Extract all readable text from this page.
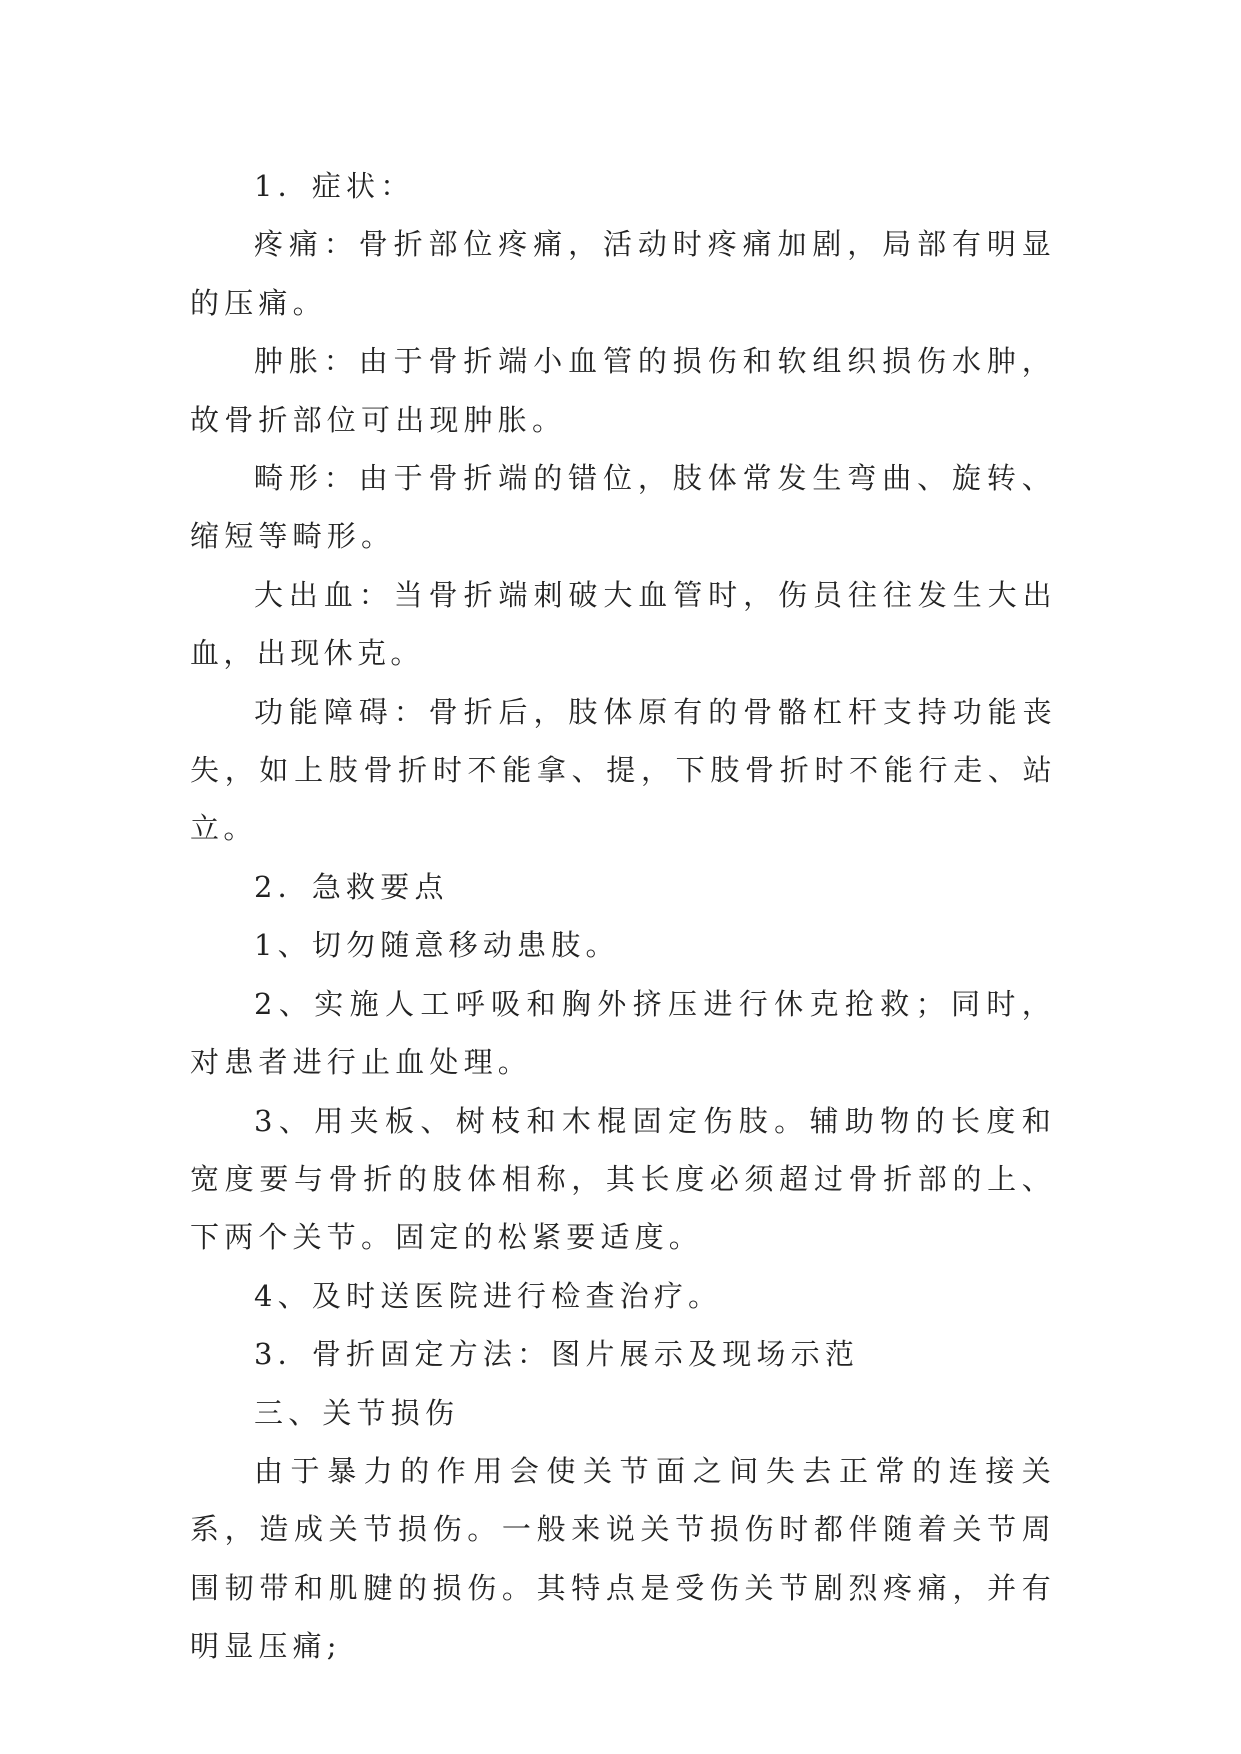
1．症状：

疼痛：骨折部位疼痛，活动时疼痛加剧，局部有明显的压痛。

肿胀：由于骨折端小血管的损伤和软组织损伤水肿，故骨折部位可出现肿胀。

畸形：由于骨折端的错位，肢体常发生弯曲、旋转、缩短等畸形。

大出血：当骨折端刺破大血管时，伤员往往发生大出血，出现休克。

功能障碍：骨折后，肢体原有的骨骼杠杆支持功能丧失，如上肢骨折时不能拿、提，下肢骨折时不能行走、站立。

2．急救要点

1、切勿随意移动患肢。

2、实施人工呼吸和胸外挤压进行休克抢救；同时，对患者进行止血处理。

3、用夹板、树枝和木棍固定伤肢。辅助物的长度和宽度要与骨折的肢体相称，其长度必须超过骨折部的上、下两个关节。固定的松紧要适度。

4、及时送医院进行检查治疗。

3．骨折固定方法：图片展示及现场示范

三、关节损伤

由于暴力的作用会使关节面之间失去正常的连接关系，造成关节损伤。一般来说关节损伤时都伴随着关节周围韧带和肌腱的损伤。其特点是受伤关节剧烈疼痛，并有明显压痛;
